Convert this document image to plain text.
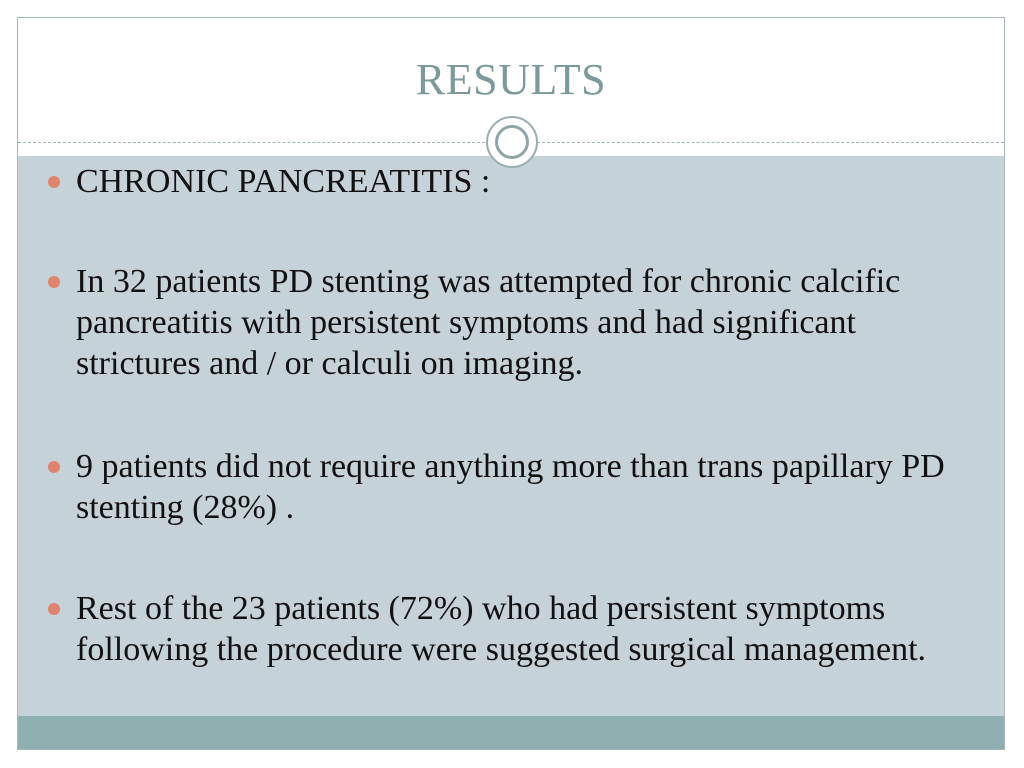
RESULTS
CHRONIC PANCREATITIS :
In 32 patients PD stenting was attempted for chronic calcific pancreatitis with persistent symptoms and had significant strictures and / or calculi on imaging.
9 patients did not require anything more than trans papillary PD stenting (28%) .
Rest of the 23 patients (72%) who had persistent symptoms following the procedure were suggested surgical management.
